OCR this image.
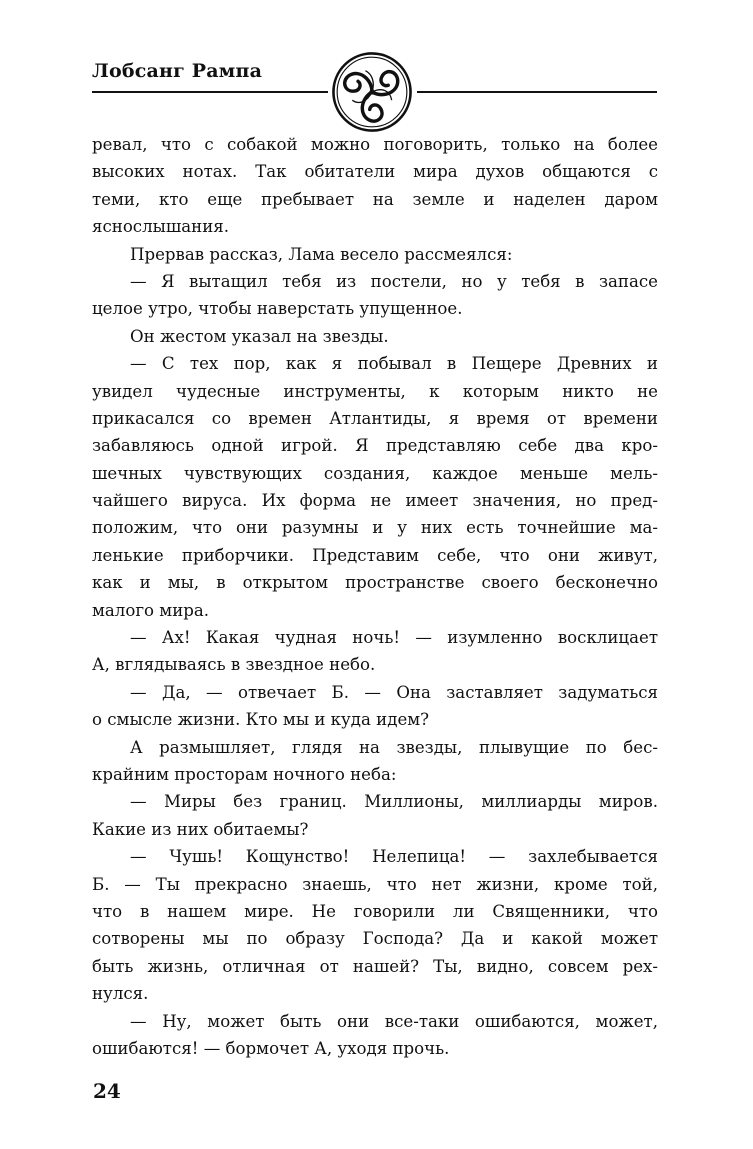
Лобсанг Рампа
ревал, что с собакой можно поговорить, только на более
высоких нотах. Так обитатели мира духов общаются с
теми, кто еще пребывает на земле и наделен даром
яснослышания.
Прервав рассказ, Лама весело рассмеялся:
— Я вытащил тебя из постели, но у тебя в запасе
целое утро, чтобы наверстать упущенное.
Он жестом указал на звезды.
— С тех пор, как я побывал в Пещере Древних и
увидел чудесные инструменты, к которым никто не
прикасался со времен Атлантиды, я время от времени
забавляюсь одной игрой. Я представляю себе два кро-
шечных чувствующих создания, каждое меньше мель-
чайшего вируса. Их форма не имеет значения, но пред-
положим, что они разумны и у них есть точнейшие ма-
ленькие приборчики. Представим себе, что они живут,
как и мы, в открытом пространстве своего бесконечно
малого мира.
— Ах! Какая чудная ночь! — изумленно восклицает
А, вглядываясь в звездное небо.
— Да, — отвечает Б. — Она заставляет задуматься
о смысле жизни. Кто мы и куда идем?
А размышляет, глядя на звезды, плывущие по бес-
крайним просторам ночного неба:
— Миры без границ. Миллионы, миллиарды миров.
Какие из них обитаемы?
— Чушь! Кощунство! Нелепица! — захлебывается
Б. — Ты прекрасно знаешь, что нет жизни, кроме той,
что в нашем мире. Не говорили ли Священники, что
сотворены мы по образу Господа? Да и какой может
быть жизнь, отличная от нашей? Ты, видно, совсем рех-
нулся.
— Ну, может быть они все-таки ошибаются, может,
ошибаются! — бормочет А, уходя прочь.
24
